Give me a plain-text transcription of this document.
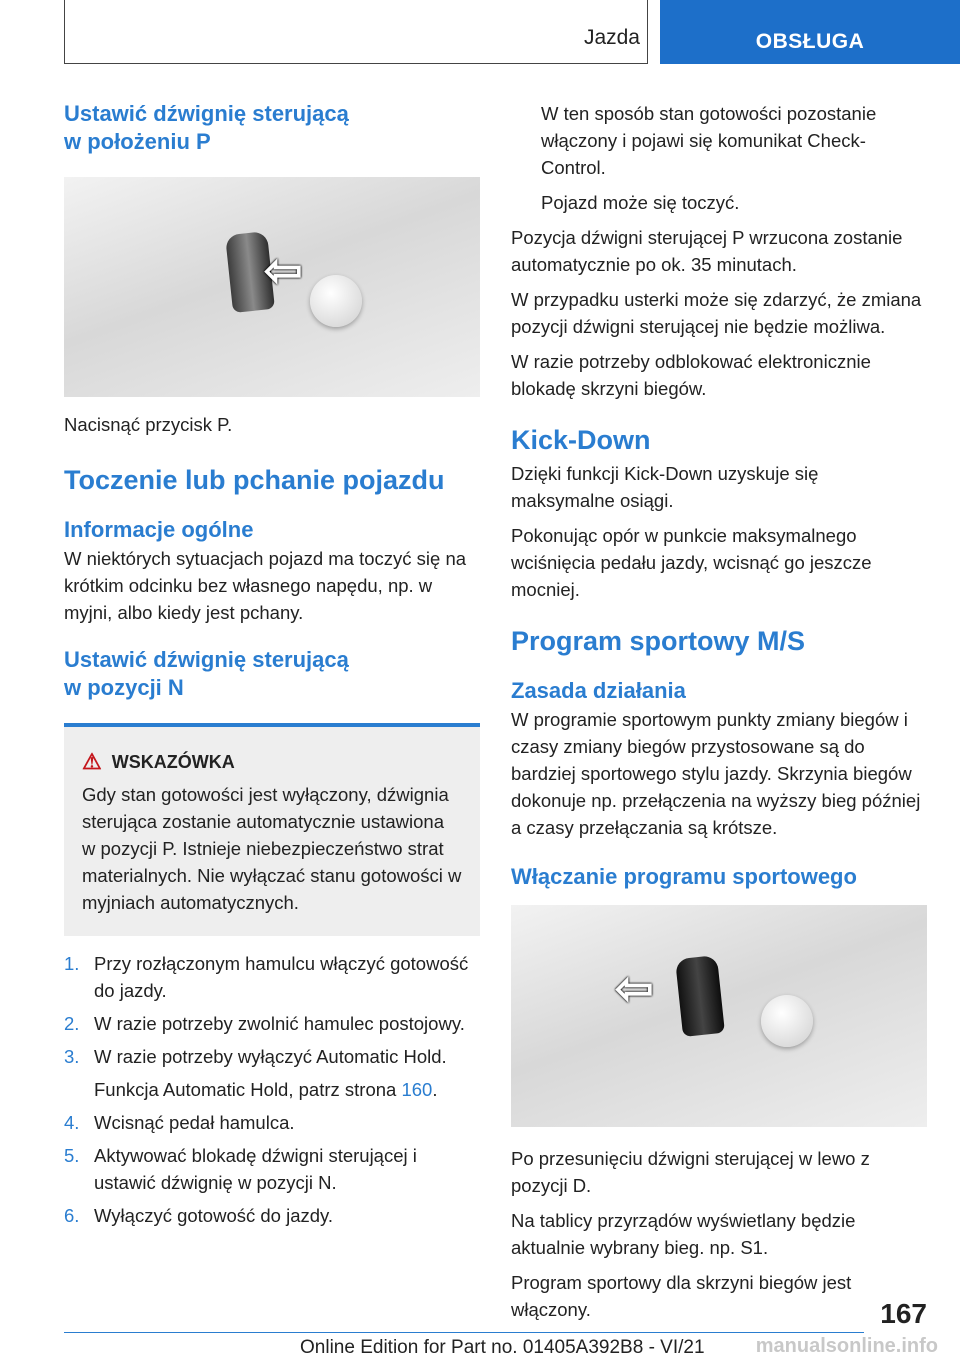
Jazda	OBSŁUGA
Ustawić dźwignię sterującą
w położeniu P
⇦

Nacisnąć przycisk P.

Toczenie lub pchanie pojazdu
Informacje ogólne

W niektórych sytuacjach pojazd ma toczyć się na krótkim odcinku bez własnego napędu, np. w myjni, albo kiedy jest pchany.

Ustawić dźwignię sterującą
w pozycji N
⚠ WSKAZÓWKA

Gdy stan gotowości jest wyłączony, dźwignia sterująca zostanie automatycznie ustawiona w pozycji P. Istnieje niebezpieczeństwo strat materialnych. Nie wyłączać stanu gotowości w myjniach automatycznych.

1. Przy rozłączonym hamulcu włączyć gotowość do jazdy.
2. W razie potrzeby zwolnić hamulec postojowy.
3. W razie potrzeby wyłączyć Automatic Hold.
Funkcja Automatic Hold, patrz strona 160.
4. Wcisnąć pedał hamulca.
5. Aktywować blokadę dźwigni sterującej i ustawić dźwignię w pozycji N.
6. Wyłączyć gotowość do jazdy.

W ten sposób stan gotowości pozostanie włączony i pojawi się komunikat Check-Control.

Pojazd może się toczyć.

Pozycja dźwigni sterującej P wrzucona zostanie automatycznie po ok. 35 minutach.

W przypadku usterki może się zdarzyć, że zmiana pozycji dźwigni sterującej nie będzie możliwa.

W razie potrzeby odblokować elektronicznie blokadę skrzyni biegów.

Kick-Down

Dzięki funkcji Kick-Down uzyskuje się maksymalne osiągi.

Pokonując opór w punkcie maksymalnego wciśnięcia pedału jazdy, wcisnąć go jeszcze mocniej.

Program sportowy M/S
Zasada działania

W programie sportowym punkty zmiany biegów i czasy zmiany biegów przystosowane są do bardziej sportowego stylu jazdy. Skrzynia biegów dokonuje np. przełączenia na wyższy bieg później a czasy przełączania są krótsze.

Włączanie programu sportowego
⇦

Po przesunięciu dźwigni sterującej w lewo z pozycji D.

Na tablicy przyrządów wyświetlany będzie aktualnie wybrany bieg. np. S1.

Program sportowy dla skrzyni biegów jest włączony.	167
Online Edition for Part no. 01405A392B8 - VI/21	manualsonline.info
